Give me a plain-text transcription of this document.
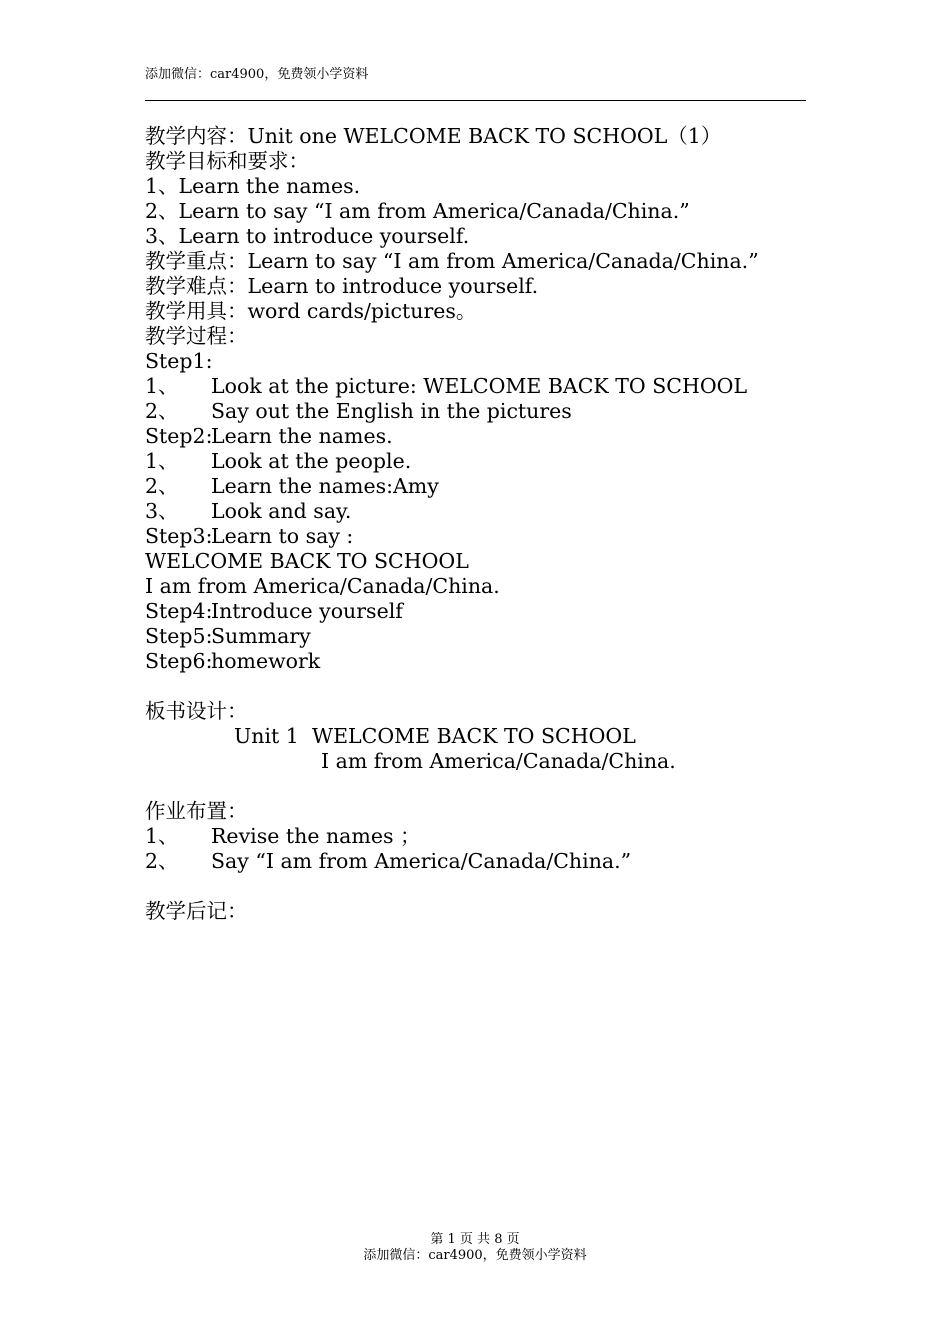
添加微信：car4900，免费领小学资料
教学内容：Unit one WELCOME BACK TO SCHOOL（1）
教学目标和要求：
1、Learn the names.
2、Learn to say “I am from America/Canada/China.”
3、Learn to introduce yourself.
教学重点：Learn to say “I am from America/Canada/China.”
教学难点：Learn to introduce yourself.
教学用具：word cards/pictures。
教学过程：
Step1:
1、 Look at the picture: WELCOME BACK TO SCHOOL
2、 Say out the English in the pictures
Step2:Learn the names.
1、 Look at the people.
2、 Learn the names:Amy
3、 Look and say.
Step3:Learn to say :
WELCOME BACK TO SCHOOL
I am from America/Canada/China.
Step4:Introduce yourself
Step5:Summary
Step6:homework
板书设计：
Unit 1 WELCOME BACK TO SCHOOL
I am from America/Canada/China.
作业布置：
1、 Revise the names ；
2、 Say “I am from America/Canada/China.”
教学后记：
第 1 页 共 8 页
添加微信：car4900，免费领小学资料
